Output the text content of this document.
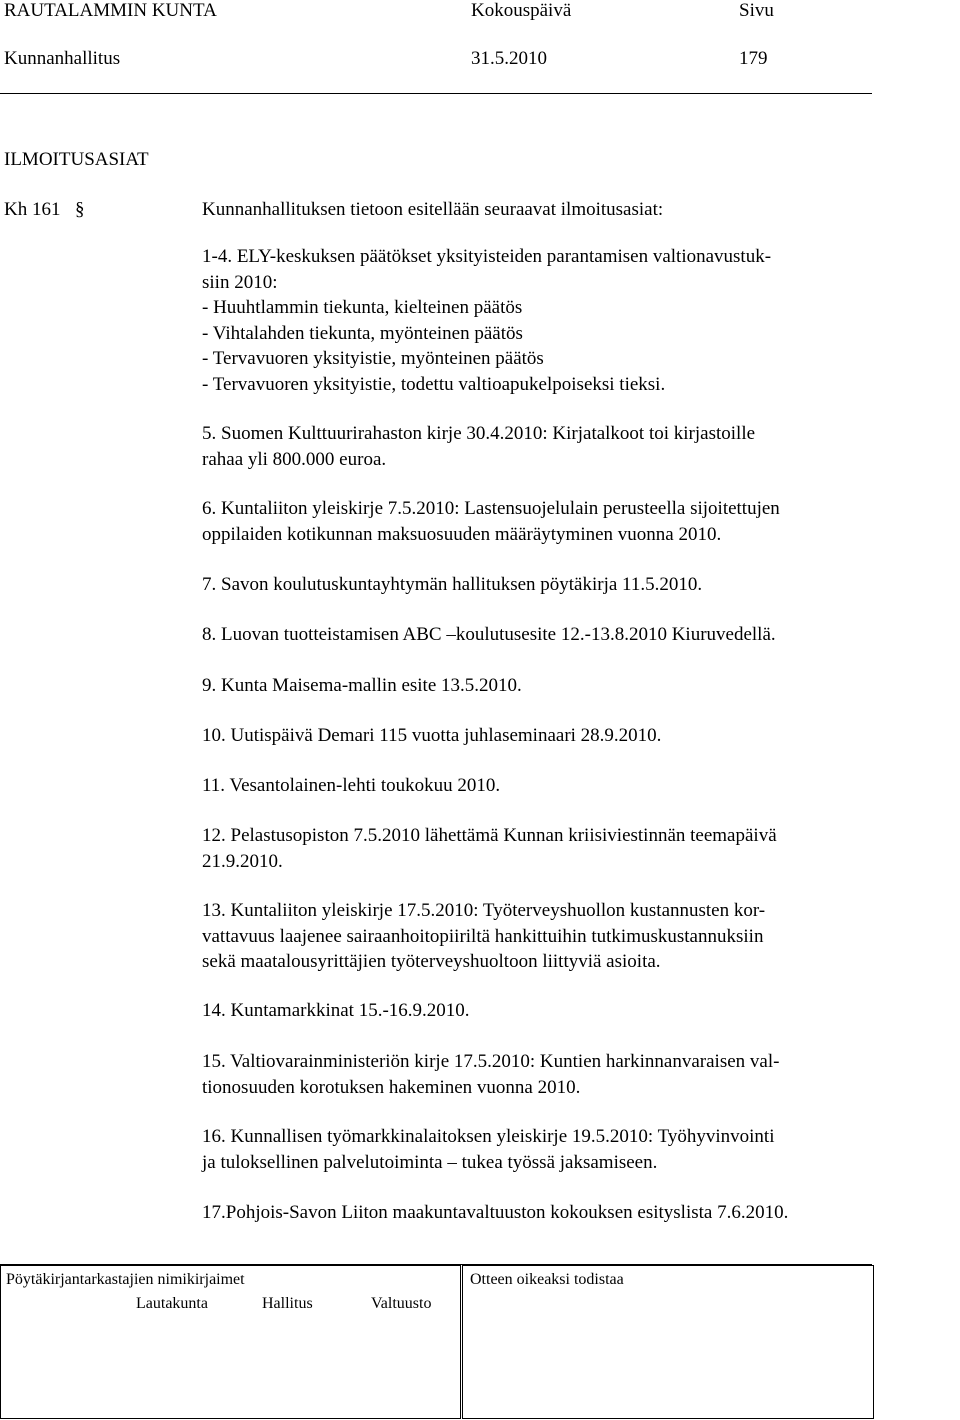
RAUTALAMMIN KUNTA	Kokouspäivä	Sivu
Kunnanhallitus	31.5.2010	179
ILMOITUSASIAT
Kh 161 §	Kunnanhallituksen tietoon esitellään seuraavat ilmoitusasiat:

1-4. ELY-keskuksen päätökset yksityisteiden parantamisen valtionavustuk-
siin 2010:
- Huuhtlammin tiekunta, kielteinen päätös
- Vihtalahden tiekunta, myönteinen päätös
- Tervavuoren yksityistie, myönteinen päätös
- Tervavuoren yksityistie, todettu valtioapukelpoiseksi tieksi.

5. Suomen Kulttuurirahaston kirje 30.4.2010: Kirjatalkoot toi kirjastoille
rahaa yli 800.000 euroa.
6. Kuntaliiton yleiskirje 7.5.2010: Lastensuojelulain perusteella sijoitettujen
oppilaiden kotikunnan maksuosuuden määräytyminen vuonna 2010.
7. Savon koulutuskuntayhtymän hallituksen pöytäkirja 11.5.2010.
8. Luovan tuotteistamisen ABC –koulutusesite 12.-13.8.2010 Kiuruvedellä.
9. Kunta Maisema-mallin esite 13.5.2010.
10. Uutispäivä Demari 115 vuotta juhlaseminaari 28.9.2010.
11. Vesantolainen-lehti toukokuu 2010.
12. Pelastusopiston 7.5.2010 lähettämä Kunnan kriisiviestinnän teemapäivä
21.9.2010.
13. Kuntaliiton yleiskirje 17.5.2010: Työterveyshuollon kustannusten kor-
vattavuus laajenee sairaanhoitopiiriltä hankittuihin tutkimuskustannuksiin
sekä maatalousyrittäjien työterveyshuoltoon liittyviä asioita.
14. Kuntamarkkinat 15.-16.9.2010.
15. Valtiovarainministeriön kirje 17.5.2010: Kuntien harkinnanvaraisen val-
tionosuuden korotuksen hakeminen vuonna 2010.
16. Kunnallisen työmarkkinalaitoksen yleiskirje 19.5.2010: Työhyvinvointi
ja tuloksellinen palvelutoiminta – tukea työssä jaksamiseen.
17.Pohjois-Savon Liiton maakuntavaltuuston kokouksen esityslista 7.6.2010.
Pöytäkirjantarkastajien nimikirjaimet
Lautakunta	Hallitus	Valtuusto
Otteen oikeaksi todistaa
